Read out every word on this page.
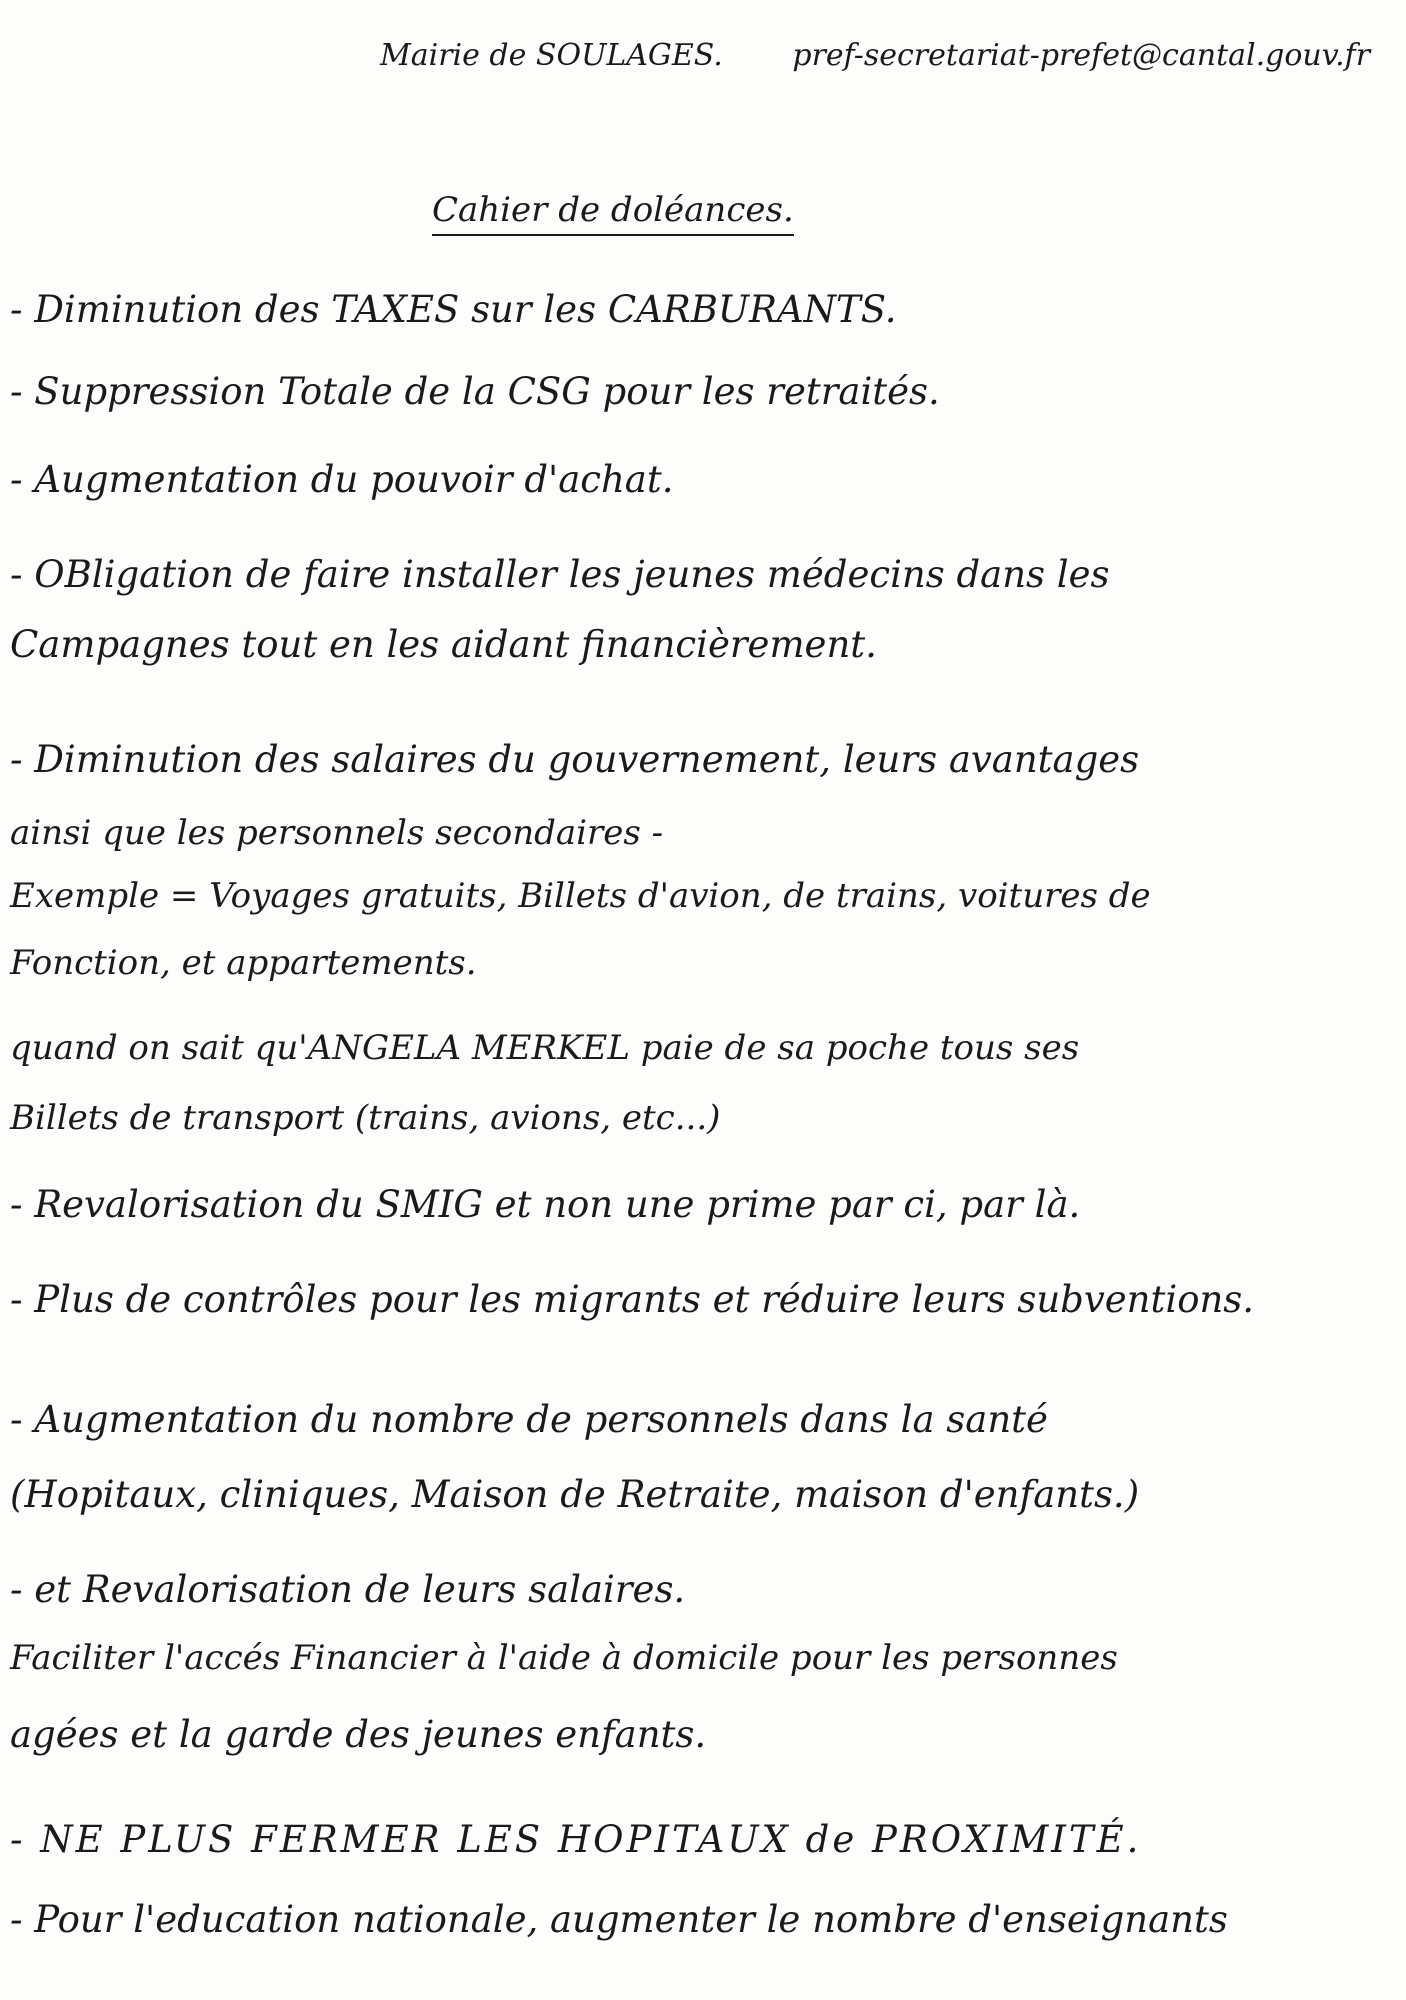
Mairie de SOULAGES. pref-secretariat-prefet@cantal.gouv.fr
Cahier de doléances.
- Diminution des TAXES sur les CARBURANTS.
- Suppression Totale de la CSG pour les retraités.
- Augmentation du pouvoir d'achat.
- OBligation de faire installer les jeunes médecins dans les
Campagnes tout en les aidant financièrement.
- Diminution des salaires du gouvernement, leurs avantages
ainsi que les personnels secondaires -
Exemple = Voyages gratuits, Billets d'avion, de trains, voitures de
Fonction, et appartements.
quand on sait qu'ANGELA MERKEL paie de sa poche tous ses
Billets de transport (trains, avions, etc...)
- Revalorisation du SMIG et non une prime par ci, par là.
- Plus de contrôles pour les migrants et réduire leurs subventions.
- Augmentation du nombre de personnels dans la santé
(Hopitaux, cliniques, Maison de Retraite, maison d'enfants.)
- et Revalorisation de leurs salaires.
Faciliter l'accés Financier à l'aide à domicile pour les personnes
agées et la garde des jeunes enfants.
- NE PLUS FERMER LES HOPITAUX de PROXIMITÉ.
- Pour l'education nationale, augmenter le nombre d'enseignants
